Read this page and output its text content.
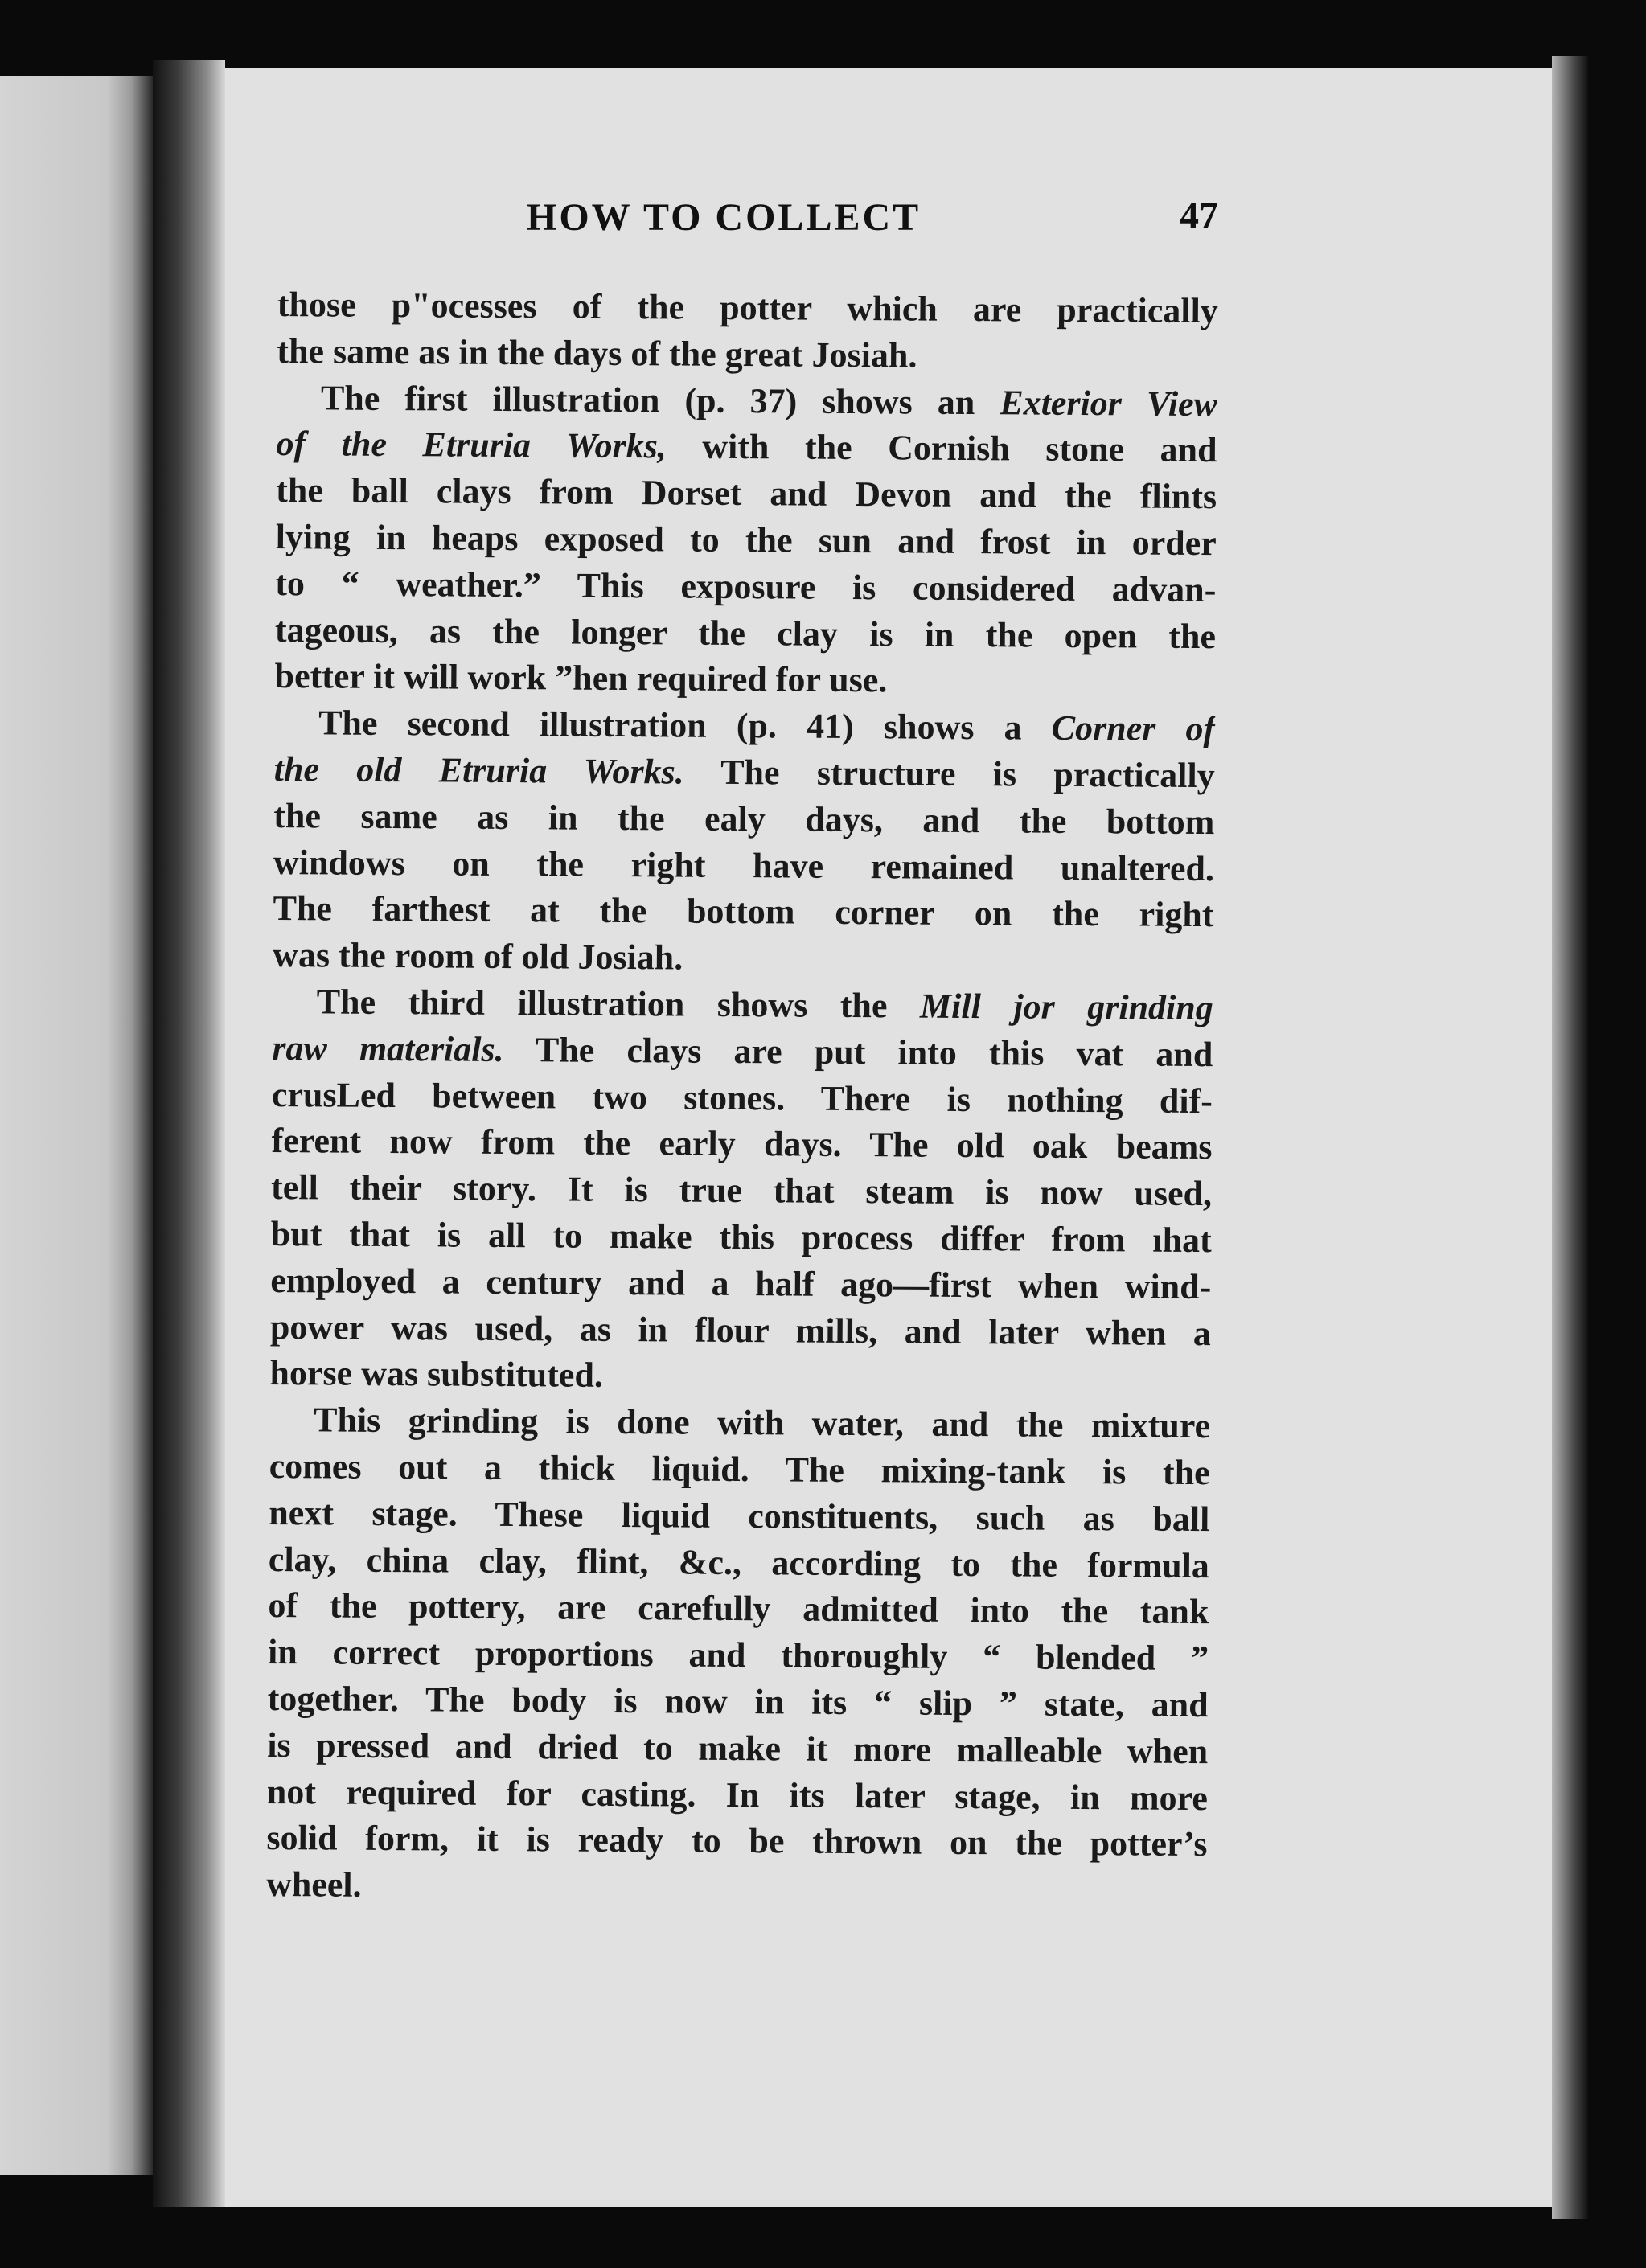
HOW TO COLLECT	47

those p"ocesses of the potter which are practically
the same as in the days of the great Josiah.

The first illustration (p. 37) shows an Exterior View
of the Etruria Works, with the Cornish stone and
the ball clays from Dorset and Devon and the flints
lying in heaps exposed to the sun and frost in order
to “ weather.” This exposure is considered advan-
tageous, as the longer the clay is in the open the
better it will work ”hen required for use.

The second illustration (p. 41) shows a Corner of
the old Etruria Works. The structure is practically
the same as in the eаly days, and the bottom
windows on the right have remained unaltered.
The farthest at the bottom corner on the right
was the room of old Josiah.

The third illustration shows the Mill jor grinding
raw materials. The clays are put into this vat and
crusLed between two stones. There is nothing dif-
ferent now from the early days. The old oak beams
tell their story. It is true that steam is now used,
but that is all to make this process differ from ıhat
employed a century and a half ago—first when wind-
power was used, as in flour mills, and later when a
horse was substituted.

This grinding is done with water, and the mixture
comes out a thick liquid. The mixing-tank is the
next stage. These liquid constituents, such as ball
clay, china clay, flint, &c., according to the formula
of the pottery, are carefully admitted into the tank
in correct proportions and thoroughly “ blended ”
together. The body is now in its “ slip ” state, and
is pressed and dried to make it more malleable when
not required for casting. In its later stage, in more
solid form, it is ready to be thrown on the potter’s
wheel.
